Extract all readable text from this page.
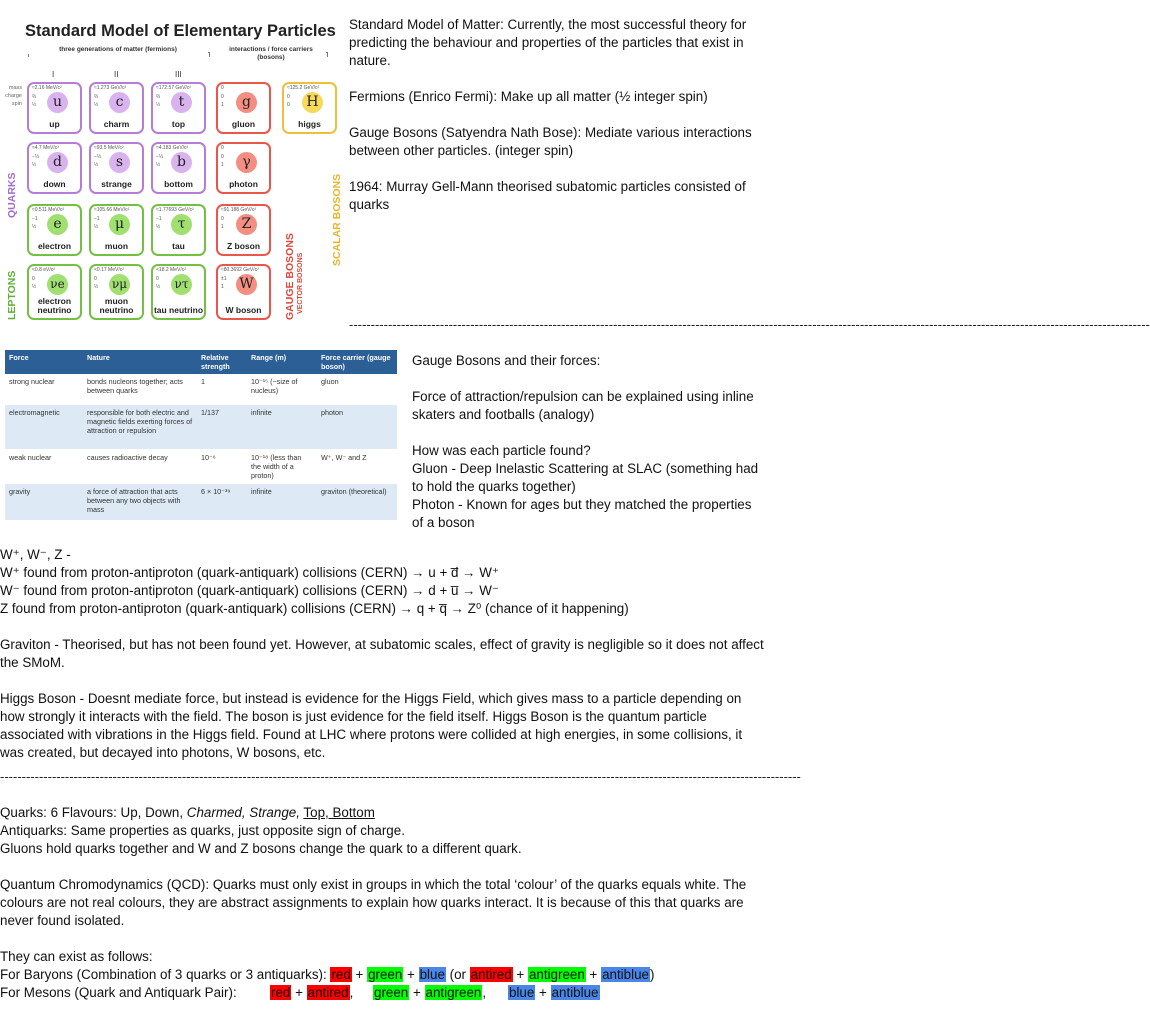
Standard Model of Elementary Particles
three generations of matter (fermions)	interactions / force carriers (bosons)
I	II	III
mass
charge
spin
≈2.16 MeV/c²
⅔
½	u
up
≈1.273 GeV/c²
⅔
½	c
charm
≈172.57 GeV/c²
⅔
½	t
top
0
0
1	g
gluon
≈125.2 GeV/c²
0
0	H
higgs
≈4.7 MeV/c²
−⅓
½	d
down
≈93.5 MeV/c²
−⅓
½	s
strange
≈4.183 GeV/c²
−⅓
½	b
bottom
0
0
1	γ
photon
≈0.511 MeV/c²
−1
½	e
electron
≈105.66 MeV/c²
−1
½	μ
muon
≈1.77693 GeV/c²
−1
½	τ
tau
≈91.188 GeV/c²
0
1	Z
Z boson
<0.8 eV/c²
0
½ νe
electron neutrino
<0.17 MeV/c²
0
½ νμ
muon neutrino
<18.2 MeV/c²
0
½ ντ
tau neutrino
≈80.3692 GeV/c²
±1
1 W
W boson
QUARKS
LEPTONS	GAUGE BOSONS VECTOR BOSONS
SCALAR BOSONS

Standard Model of Matter: Currently, the most successful theory for predicting the behaviour and properties of the particles that exist in nature.

Fermions (Enrico Fermi): Make up all matter (½ integer spin)

Gauge Bosons (Satyendra Nath Bose): Mediate various interactions between other particles. (integer spin)

1964: Murray Gell-Mann theorised subatomic particles consisted of quarks

-----------------------------------------------------------------------------------------------------------------------------------------------------------------------------------------
Force	Nature	Relative strength	Range (m)	Force carrier (gauge boson)
strong nuclear	bonds nucleons together; acts between quarks	1	10⁻¹⁵ (~size of nucleus)	gluon
electromagnetic	responsible for both electric and magnetic fields exerting forces of attraction or repulsion	1/137	infinite	photon
weak nuclear	causes radioactive decay	10⁻⁶	10⁻¹⁸ (less than the width of a proton)	W⁺, W⁻ and Z
gravity	a force of attraction that acts between any two objects with mass	6 × 10⁻³⁹	infinite	graviton (theoretical)

Gauge Bosons and their forces:

Force of attraction/repulsion can be explained using inline skaters and footballs (analogy)

How was each particle found?

Gluon - Deep Inelastic Scattering at SLAC (something had to hold the quarks together)

Photon - Known for ages but they matched the properties of a boson

W⁺, W⁻, Z -

W⁺ found from proton-antiproton (quark-antiquark) collisions (CERN) → u + d̅ → W⁺

W⁻ found from proton-antiproton (quark-antiquark) collisions (CERN) → d + u̅ → W⁻

Z found from proton-antiproton (quark-antiquark) collisions (CERN) → q + q̅ → Z⁰ (chance of it happening)

Graviton - Theorised, but has not been found yet. However, at subatomic scales, effect of gravity is negligible so it does not affect the SMoM.

Higgs Boson - Doesnt mediate force, but instead is evidence for the Higgs Field, which gives mass to a particle depending on how strongly it interacts with the field. The boson is just evidence for the field itself. Higgs Boson is the quantum particle associated with vibrations in the Higgs field. Found at LHC where protons were collided at high energies, in some collisions, it was created, but decayed into photons, W bosons, etc.

-----------------------------------------------------------------------------------------------------------------------------------------------------------------------------------------

Quarks: 6 Flavours: Up, Down, Charmed, Strange, Top, Bottom

Antiquarks: Same properties as quarks, just opposite sign of charge.

Gluons hold quarks together and W and Z bosons change the quark to a different quark.

Quantum Chromodynamics (QCD): Quarks must only exist in groups in which the total ‘colour’ of the quarks equals white. The colours are not real colours, they are abstract assignments to explain how quarks interact. It is because of this that quarks are never found isolated.

They can exist as follows:

For Baryons (Combination of 3 quarks or 3 antiquarks): red + green + blue (or antired + antigreen + antiblue)

For Mesons (Quark and Antiquark Pair):	red + antired, green + antigreen, blue + antiblue
